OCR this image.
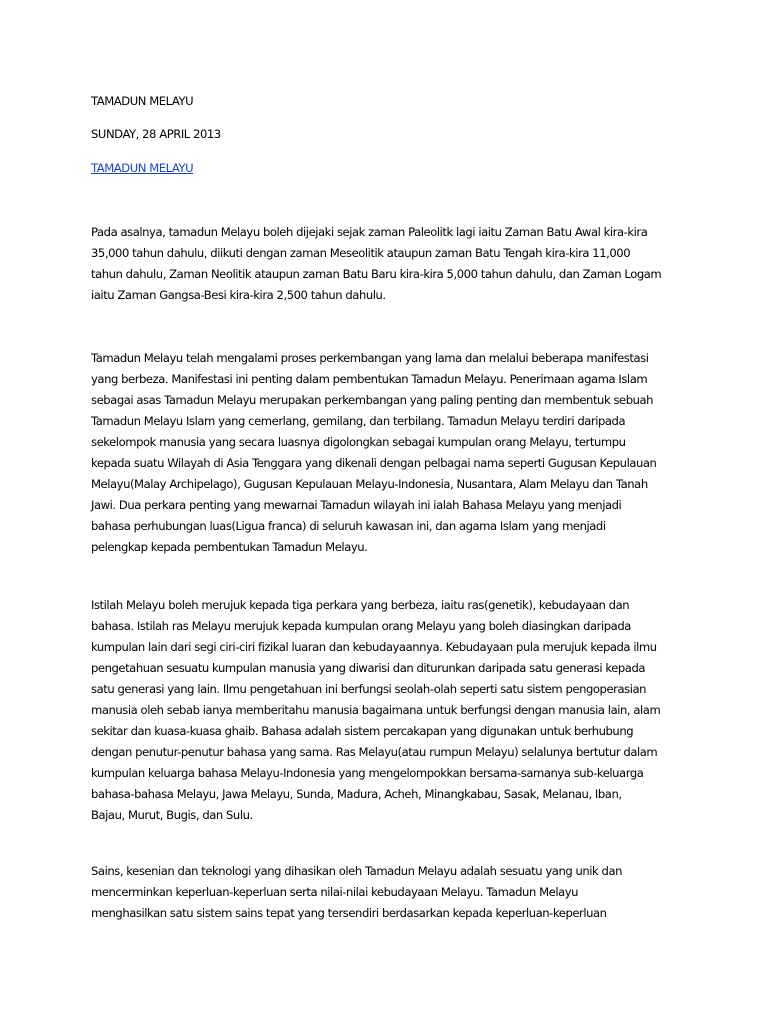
TAMADUN MELAYU
SUNDAY, 28 APRIL 2013
TAMADUN MELAYU
Pada asalnya, tamadun Melayu boleh dijejaki sejak zaman Paleolitk lagi iaitu Zaman Batu Awal kira-kira
35,000 tahun dahulu, diikuti dengan zaman Meseolitik ataupun zaman Batu Tengah kira-kira 11,000
tahun dahulu, Zaman Neolitik ataupun zaman Batu Baru kira-kira 5,000 tahun dahulu, dan Zaman Logam
iaitu Zaman Gangsa-Besi kira-kira 2,500 tahun dahulu.
Tamadun Melayu telah mengalami proses perkembangan yang lama dan melalui beberapa manifestasi
yang berbeza. Manifestasi ini penting dalam pembentukan Tamadun Melayu. Penerimaan agama Islam
sebagai asas Tamadun Melayu merupakan perkembangan yang paling penting dan membentuk sebuah
Tamadun Melayu Islam yang cemerlang, gemilang, dan terbilang. Tamadun Melayu terdiri daripada
sekelompok manusia yang secara luasnya digolongkan sebagai kumpulan orang Melayu, tertumpu
kepada suatu Wilayah di Asia Tenggara yang dikenali dengan pelbagai nama seperti Gugusan Kepulauan
Melayu(Malay Archipelago), Gugusan Kepulauan Melayu-Indonesia, Nusantara, Alam Melayu dan Tanah
Jawi. Dua perkara penting yang mewarnai Tamadun wilayah ini ialah Bahasa Melayu yang menjadi
bahasa perhubungan luas(Ligua franca) di seluruh kawasan ini, dan agama Islam yang menjadi
pelengkap kepada pembentukan Tamadun Melayu.
Istilah Melayu boleh merujuk kepada tiga perkara yang berbeza, iaitu ras(genetik), kebudayaan dan
bahasa. Istilah ras Melayu merujuk kepada kumpulan orang Melayu yang boleh diasingkan daripada
kumpulan lain dari segi ciri-ciri fizikal luaran dan kebudayaannya. Kebudayaan pula merujuk kepada ilmu
pengetahuan sesuatu kumpulan manusia yang diwarisi dan diturunkan daripada satu generasi kepada
satu generasi yang lain. Ilmu pengetahuan ini berfungsi seolah-olah seperti satu sistem pengoperasian
manusia oleh sebab ianya memberitahu manusia bagaimana untuk berfungsi dengan manusia lain, alam
sekitar dan kuasa-kuasa ghaib. Bahasa adalah sistem percakapan yang digunakan untuk berhubung
dengan penutur-penutur bahasa yang sama. Ras Melayu(atau rumpun Melayu) selalunya bertutur dalam
kumpulan keluarga bahasa Melayu-Indonesia yang mengelompokkan bersama-samanya sub-keluarga
bahasa-bahasa Melayu, Jawa Melayu, Sunda, Madura, Acheh, Minangkabau, Sasak, Melanau, Iban,
Bajau, Murut, Bugis, dan Sulu.
Sains, kesenian dan teknologi yang dihasikan oleh Tamadun Melayu adalah sesuatu yang unik dan
mencerminkan keperluan-keperluan serta nilai-nilai kebudayaan Melayu. Tamadun Melayu
menghasilkan satu sistem sains tepat yang tersendiri berdasarkan kepada keperluan-keperluan
